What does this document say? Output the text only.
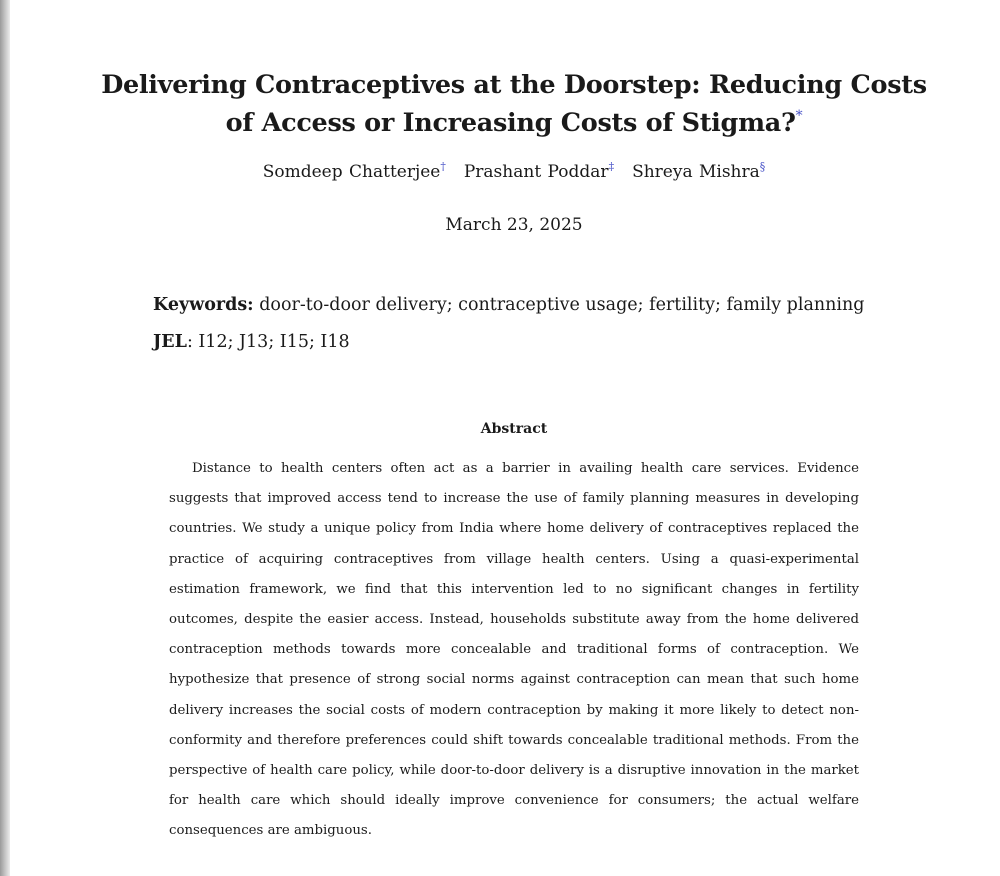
Delivering Contraceptives at the Doorstep: Reducing Costs of Access or Increasing Costs of Stigma?*
Somdeep Chatterjee† Prashant Poddar‡ Shreya Mishra§
March 23, 2025
Keywords: door-to-door delivery; contraceptive usage; fertility; family planning
JEL: I12; J13; I15; I18
Abstract

Distance to health centers often act as a barrier in availing health care services. Evidence suggests that improved access tend to increase the use of family planning measures in developing countries. We study a unique policy from India where home delivery of contraceptives replaced the practice of acquiring contraceptives from village health centers. Using a quasi-experimental estimation framework, we find that this intervention led to no significant changes in fertility outcomes, despite the easier access. Instead, households substitute away from the home delivered contraception methods towards more concealable and traditional forms of contraception. We hypothesize that presence of strong social norms against contraception can mean that such home delivery increases the social costs of modern contraception by making it more likely to detect non-conformity and therefore preferences could shift towards concealable traditional methods. From the perspective of health care policy, while door-to-door delivery is a disruptive innovation in the market for health care which should ideally improve convenience for consumers; the actual welfare consequences are ambiguous.
